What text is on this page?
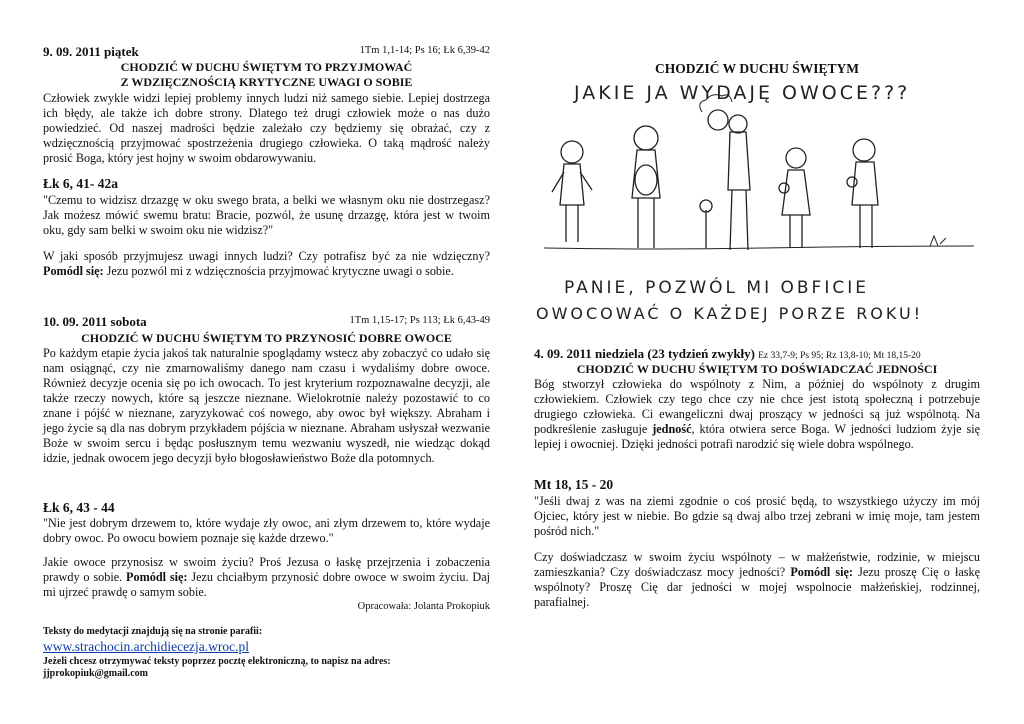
9. 09. 2011 piątek	1Tm 1,1-14; Ps 16; Łk 6,39-42
CHODZIĆ W DUCHU ŚWIĘTYM TO PRZYJMOWAĆ
Z WDZIĘCZNOŚCIĄ KRYTYCZNE UWAGI O SOBIE

Człowiek zwykle widzi lepiej problemy innych ludzi niż samego siebie. Lepiej dostrzega ich błędy, ale także ich dobre strony. Dlatego też drugi człowiek może o nas dużo powiedzieć. Od naszej madrości będzie zależało czy będziemy się obrażać, czy z wdzięcznością przyjmować spostrzeżenia drugiego człowieka. O taką mądrość należy prosić Boga, który jest hojny w swoim obdarowywaniu.

Łk 6, 41- 42a

"Czemu to widzisz drzazgę w oku swego brata, a belki we własnym oku nie dostrzegasz? Jak możesz mówić swemu bratu: Bracie, pozwól, że usunę drzazgę, która jest w twoim oku, gdy sam belki w swoim oku nie widzisz?"

W jaki sposób przyjmujesz uwagi innych ludzi? Czy potrafisz być za nie wdzięczny? Pomódl się: Jezu pozwól mi z wdzięcznościa przyjmować krytyczne uwagi o sobie.

10. 09. 2011 sobota	1Tm 1,15-17; Ps 113; Łk 6,43-49
CHODZIĆ W DUCHU ŚWIĘTYM TO PRZYNOSIĆ DOBRE OWOCE

Po każdym etapie życia jakoś tak naturalnie spoglądamy wstecz aby zobaczyć co udało się nam osiągnąć, czy nie zmarnowaliśmy danego nam czasu i wydaliśmy dobre owoce. Również decyzje ocenia się po ich owocach. To jest kryterium rozpoznawalne decyzji, ale także rzeczy nowych, które są jeszcze nieznane. Wielokrotnie należy pozostawić to co znane i pójść w nieznane, zaryzykować coś nowego, aby owoc był większy. Abraham i jego życie są dla nas dobrym przykładem pójścia w nieznane. Abraham usłyszał wezwanie Boże w swoim sercu i będąc posłusznym temu wezwaniu wyszedł, nie wiedząc dokąd idzie, jednak owocem jego decyzji było błogosławieństwo Boże dla potomnych.

Łk 6, 43 - 44

"Nie jest dobrym drzewem to, które wydaje zły owoc, ani złym drzewem to, które wydaje dobry owoc. Po owocu bowiem poznaje się każde drzewo."

Jakie owoce przynosisz w swoim życiu? Proś Jezusa o łaskę przejrzenia i zobaczenia prawdy o sobie. Pomódl się: Jezu chciałbym przynosić dobre owoce w swoim życiu. Daj mi ujrzeć prawdę o samym sobie.

Opracowała: Jolanta Prokopiuk
Teksty do medytacji znajdują się na stronie parafii:
www.strachocin.archidiecezja.wroc.pl
Jeżeli chcesz otrzymywać teksty poprzez pocztę elektroniczną, to napisz na adres:
jjprokopiuk@gmail.com
CHODZIĆ W DUCHU ŚWIĘTYM
JAKIE JA WYDAJĘ OWOCE???
PANIE, POZWÓL MI OBFICIE
OWOCOWAĆ O KAŻDEJ PORZE ROKU!
4. 09. 2011 niedziela (23 tydzień zwykły) Ez 33,7-9; Ps 95; Rz 13,8-10; Mt 18,15-20
CHODZIĆ W DUCHU ŚWIĘTYM TO DOŚWIADCZAĆ JEDNOŚCI

Bóg stworzył człowieka do wspólnoty z Nim, a później do wspólnoty z drugim człowiekiem. Człowiek czy tego chce czy nie chce jest istotą społeczną i potrzebuje drugiego człowieka. Ci ewangeliczni dwaj proszący w jedności są już wspólnotą. Na podkreślenie zasługuje jedność, która otwiera serce Boga. W jedności ludziom żyje się lepiej i owocniej. Dzięki jedności potrafi narodzić się wiele dobra wspólnego.

Mt 18, 15 - 20

"Jeśli dwaj z was na ziemi zgodnie o coś prosić będą, to wszystkiego użyczy im mój Ojciec, który jest w niebie. Bo gdzie są dwaj albo trzej zebrani w imię moje, tam jestem pośród nich."

Czy doświadczasz w swoim życiu wspólnoty – w małżeństwie, rodzinie, w miejscu zamieszkania? Czy doświadczasz mocy jedności? Pomódl się: Jezu proszę Cię o łaskę wspólnoty? Proszę Cię dar jedności w mojej wspolnocie małżeńskiej, rodzinnej, parafialnej.
